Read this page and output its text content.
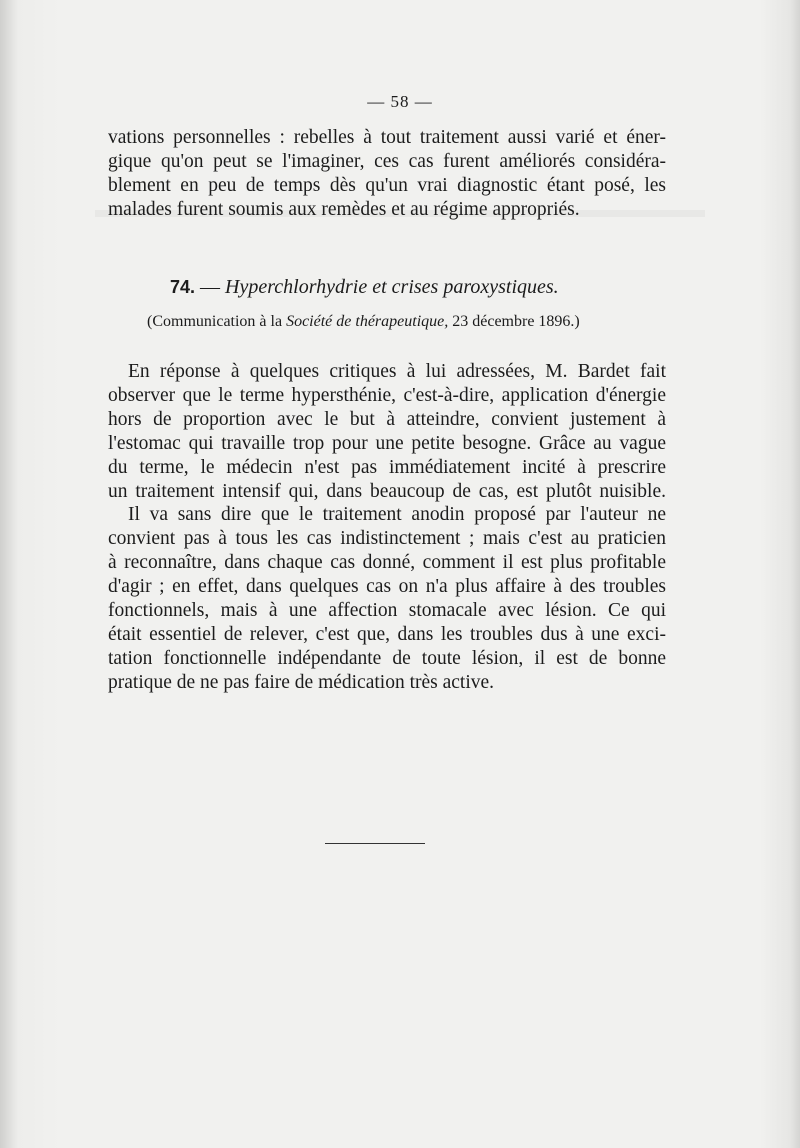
— 58 —
vations personnelles : rebelles à tout traitement aussi varié et éner-
gique qu'on peut se l'imaginer, ces cas furent améliorés considéra-
blement en peu de temps dès qu'un vrai diagnostic étant posé, les
malades furent soumis aux remèdes et au régime appropriés.
74. — Hyperchlorhydrie et crises paroxystiques.
(Communication à la Société de thérapeutique, 23 décembre 1896.)
En réponse à quelques critiques à lui adressées, M. Bardet fait
observer que le terme hypersthénie, c'est-à-dire, application d'énergie
hors de proportion avec le but à atteindre, convient justement à
l'estomac qui travaille trop pour une petite besogne. Grâce au vague
du terme, le médecin n'est pas immédiatement incité à prescrire
un traitement intensif qui, dans beaucoup de cas, est plutôt nuisible.
Il va sans dire que le traitement anodin proposé par l'auteur ne
convient pas à tous les cas indistinctement ; mais c'est au praticien
à reconnaître, dans chaque cas donné, comment il est plus profitable
d'agir ; en effet, dans quelques cas on n'a plus affaire à des troubles
fonctionnels, mais à une affection stomacale avec lésion. Ce qui
était essentiel de relever, c'est que, dans les troubles dus à une exci-
tation fonctionnelle indépendante de toute lésion, il est de bonne
pratique de ne pas faire de médication très active.
